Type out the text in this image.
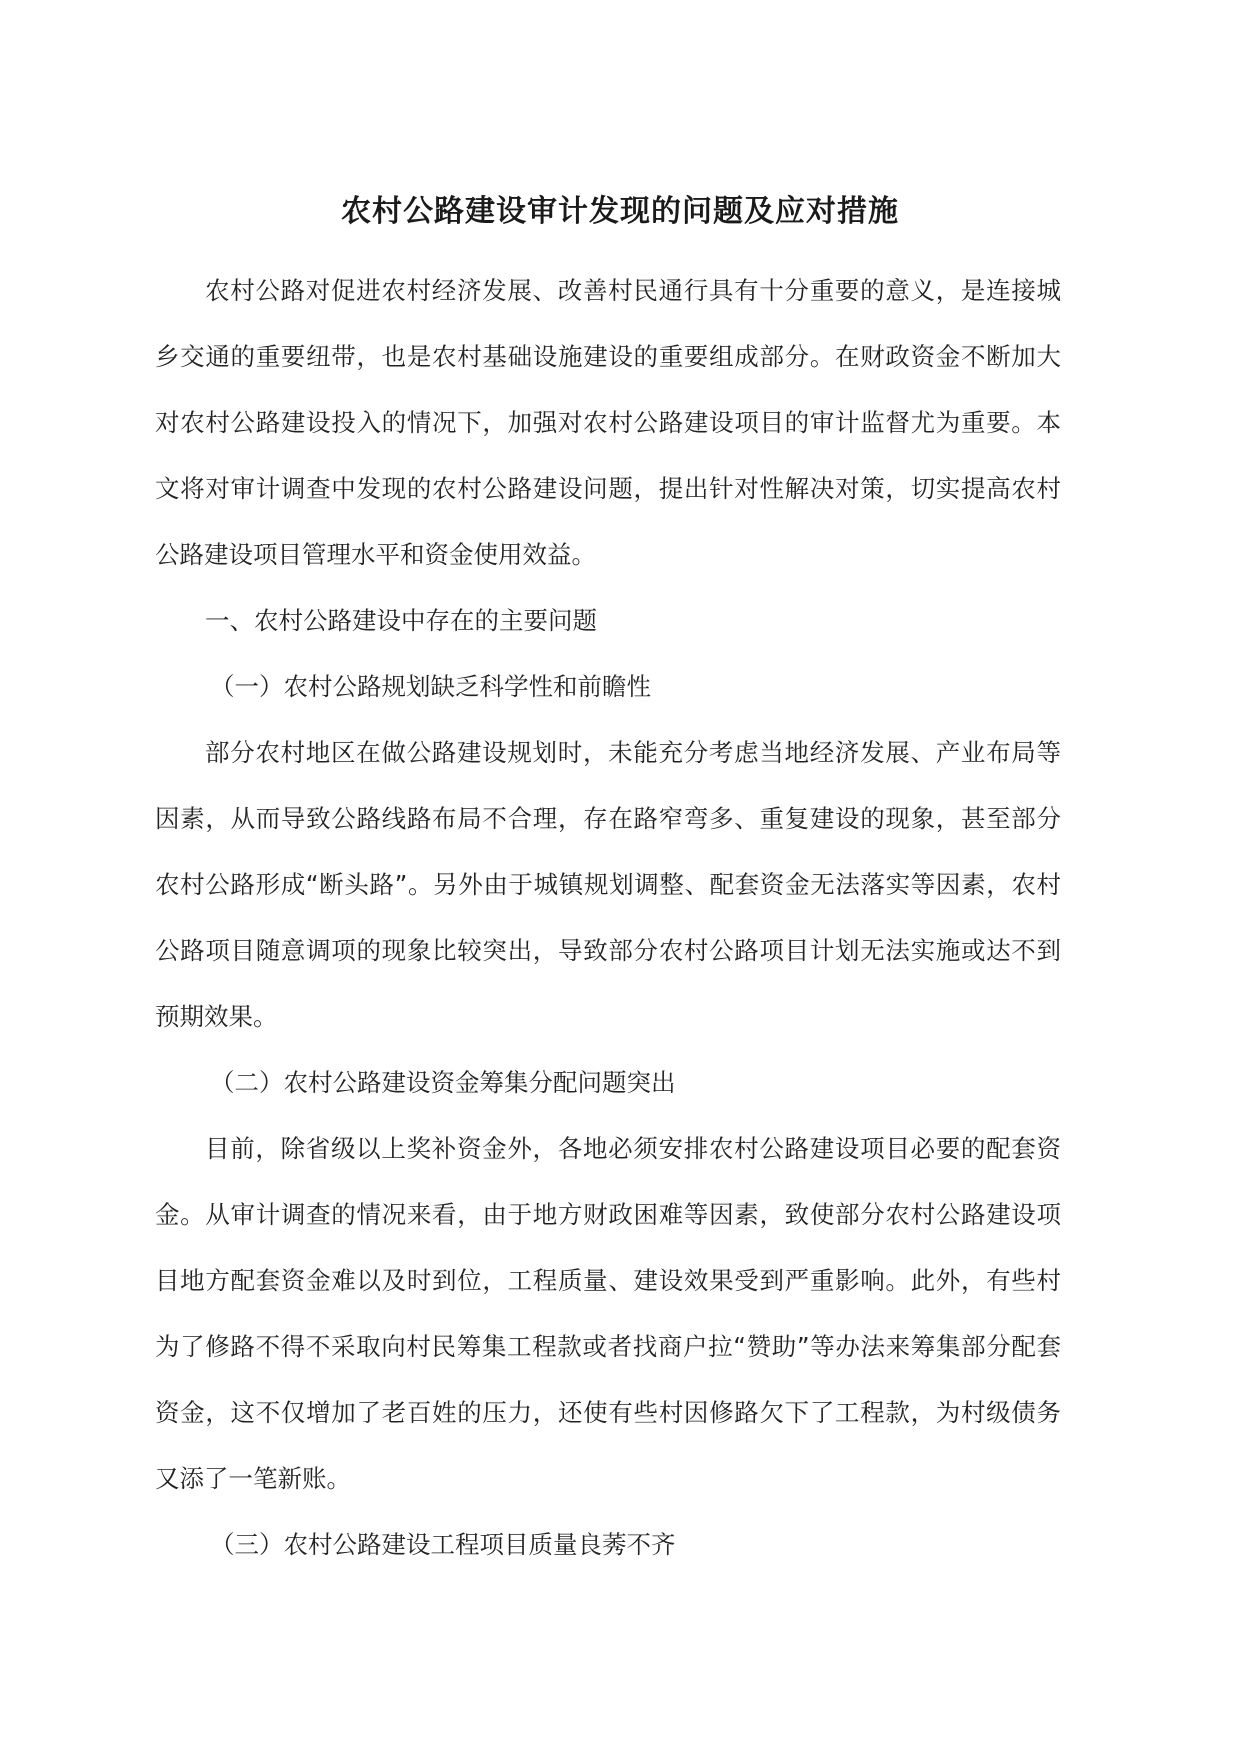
农村公路建设审计发现的问题及应对措施

农村公路对促进农村经济发展、改善村民通行具有十分重要的意义，是连接城乡交通的重要纽带，也是农村基础设施建设的重要组成部分。在财政资金不断加大对农村公路建设投入的情况下，加强对农村公路建设项目的审计监督尤为重要。本文将对审计调查中发现的农村公路建设问题，提出针对性解决对策，切实提高农村公路建设项目管理水平和资金使用效益。

一、农村公路建设中存在的主要问题

（一）农村公路规划缺乏科学性和前瞻性

部分农村地区在做公路建设规划时，未能充分考虑当地经济发展、产业布局等因素，从而导致公路线路布局不合理，存在路窄弯多、重复建设的现象，甚至部分农村公路形成“断头路”。另外由于城镇规划调整、配套资金无法落实等因素，农村公路项目随意调项的现象比较突出，导致部分农村公路项目计划无法实施或达不到预期效果。

（二）农村公路建设资金筹集分配问题突出

目前，除省级以上奖补资金外，各地必须安排农村公路建设项目必要的配套资金。从审计调查的情况来看，由于地方财政困难等因素，致使部分农村公路建设项目地方配套资金难以及时到位，工程质量、建设效果受到严重影响。此外，有些村为了修路不得不采取向村民筹集工程款或者找商户拉“赞助”等办法来筹集部分配套资金，这不仅增加了老百姓的压力，还使有些村因修路欠下了工程款，为村级债务又添了一笔新账。

（三）农村公路建设工程项目质量良莠不齐
